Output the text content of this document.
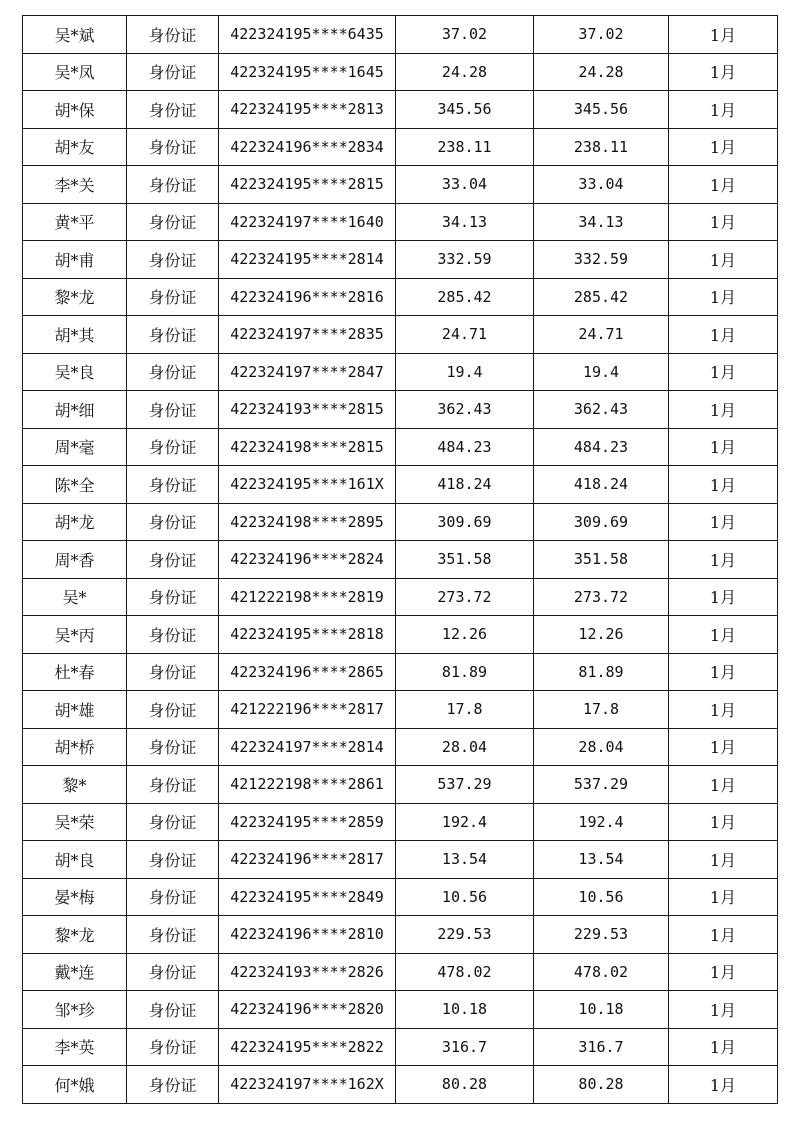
吴*斌	身份证	422324195****6435	37.02	37.02	1月
吴*凤	身份证	422324195****1645	24.28	24.28	1月
胡*保	身份证	422324195****2813	345.56	345.56	1月
胡*友	身份证	422324196****2834	238.11	238.11	1月
李*关	身份证	422324195****2815	33.04	33.04	1月
黄*平	身份证	422324197****1640	34.13	34.13	1月
胡*甫	身份证	422324195****2814	332.59	332.59	1月
黎*龙	身份证	422324196****2816	285.42	285.42	1月
胡*其	身份证	422324197****2835	24.71	24.71	1月
吴*良	身份证	422324197****2847	19.4	19.4	1月
胡*细	身份证	422324193****2815	362.43	362.43	1月
周*毫	身份证	422324198****2815	484.23	484.23	1月
陈*全	身份证	422324195****161X	418.24	418.24	1月
胡*龙	身份证	422324198****2895	309.69	309.69	1月
周*香	身份证	422324196****2824	351.58	351.58	1月
吴*	身份证	421222198****2819	273.72	273.72	1月
吴*丙	身份证	422324195****2818	12.26	12.26	1月
杜*春	身份证	422324196****2865	81.89	81.89	1月
胡*雄	身份证	421222196****2817	17.8	17.8	1月
胡*桥	身份证	422324197****2814	28.04	28.04	1月
黎*	身份证	421222198****2861	537.29	537.29	1月
吴*荣	身份证	422324195****2859	192.4	192.4	1月
胡*良	身份证	422324196****2817	13.54	13.54	1月
晏*梅	身份证	422324195****2849	10.56	10.56	1月
黎*龙	身份证	422324196****2810	229.53	229.53	1月
戴*连	身份证	422324193****2826	478.02	478.02	1月
邹*珍	身份证	422324196****2820	10.18	10.18	1月
李*英	身份证	422324195****2822	316.7	316.7	1月
何*娥	身份证	422324197****162X	80.28	80.28	1月
